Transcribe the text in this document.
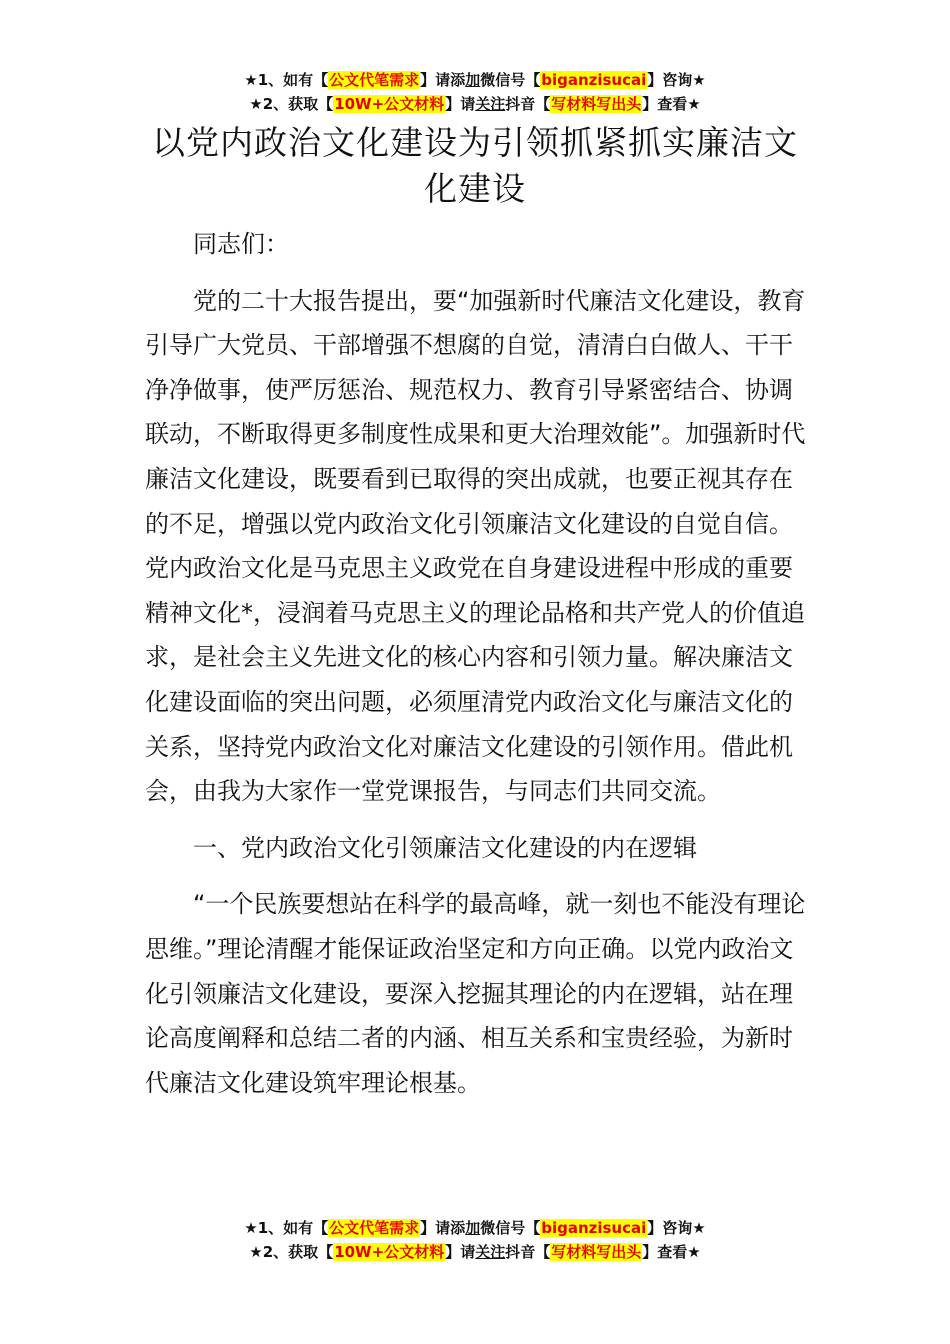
★1、如有【公文代笔需求】请添加微信号【biganzisucai】咨询★
★2、获取【10W+公文材料】请关注抖音【写材料写出头】查看★
以党内政治文化建设为引领抓紧抓实廉洁文化建设

同志们：

党的二十大报告提出，要“加强新时代廉洁文化建设，教育引导广大党员、干部增强不想腐的自觉，清清白白做人、干干净净做事，使严厉惩治、规范权力、教育引导紧密结合、协调联动，不断取得更多制度性成果和更大治理效能”。加强新时代廉洁文化建设，既要看到已取得的突出成就，也要正视其存在的不足，增强以党内政治文化引领廉洁文化建设的自觉自信。党内政治文化是马克思主义政党在自身建设进程中形成的重要精神文化*，浸润着马克思主义的理论品格和共产党人的价值追求，是社会主义先进文化的核心内容和引领力量。解决廉洁文化建设面临的突出问题，必须厘清党内政治文化与廉洁文化的关系，坚持党内政治文化对廉洁文化建设的引领作用。借此机会，由我为大家作一堂党课报告，与同志们共同交流。

一、党内政治文化引领廉洁文化建设的内在逻辑

“一个民族要想站在科学的最高峰，就一刻也不能没有理论思维。”理论清醒才能保证政治坚定和方向正确。以党内政治文化引领廉洁文化建设，要深入挖掘其理论的内在逻辑，站在理论高度阐释和总结二者的内涵、相互关系和宝贵经验，为新时代廉洁文化建设筑牢理论根基。

★1、如有【公文代笔需求】请添加微信号【biganzisucai】咨询★
★2、获取【10W+公文材料】请关注抖音【写材料写出头】查看★
